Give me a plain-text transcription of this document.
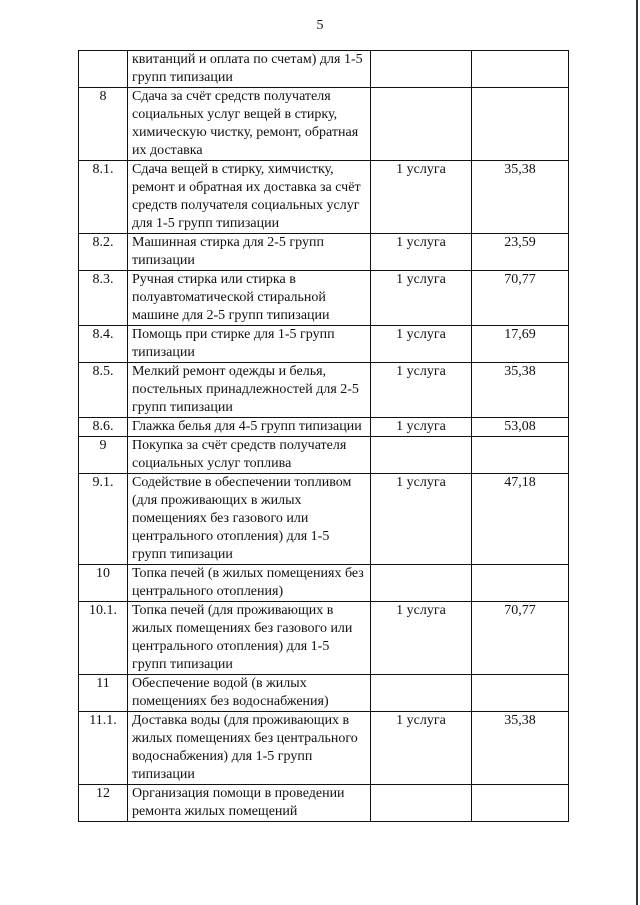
5
	квитанций и оплата по счетам) для 1-5 групп типизации		
8	Сдача за счёт средств получателя социальных услуг вещей в стирку, химическую чистку, ремонт, обратная их доставка		
8.1.	Сдача вещей в стирку, химчистку, ремонт и обратная их доставка за счёт средств получателя социальных услуг для 1-5 групп типизации	1 услуга	35,38
8.2.	Машинная стирка для 2-5 групп типизации	1 услуга	23,59
8.3.	Ручная стирка или стирка в полуавтоматической стиральной машине для 2-5 групп типизации	1 услуга	70,77
8.4.	Помощь при стирке для 1-5 групп типизации	1 услуга	17,69
8.5.	Мелкий ремонт одежды и белья, постельных принадлежностей для 2-5 групп типизации	1 услуга	35,38
8.6.	Глажка белья для 4-5 групп типизации	1 услуга	53,08
9	Покупка за счёт средств получателя социальных услуг топлива		
9.1.	Содействие в обеспечении топливом (для проживающих в жилых помещениях без газового или центрального отопления) для 1-5 групп типизации	1 услуга	47,18
10	Топка печей (в жилых помещениях без центрального отопления)		
10.1.	Топка печей (для проживающих в жилых помещениях без газового или центрального отопления) для 1-5 групп типизации	1 услуга	70,77
11	Обеспечение водой (в жилых помещениях без водоснабжения)		
11.1.	Доставка воды (для проживающих в жилых помещениях без центрального водоснабжения) для 1-5 групп типизации	1 услуга	35,38
12	Организация помощи в проведении ремонта жилых помещений		
